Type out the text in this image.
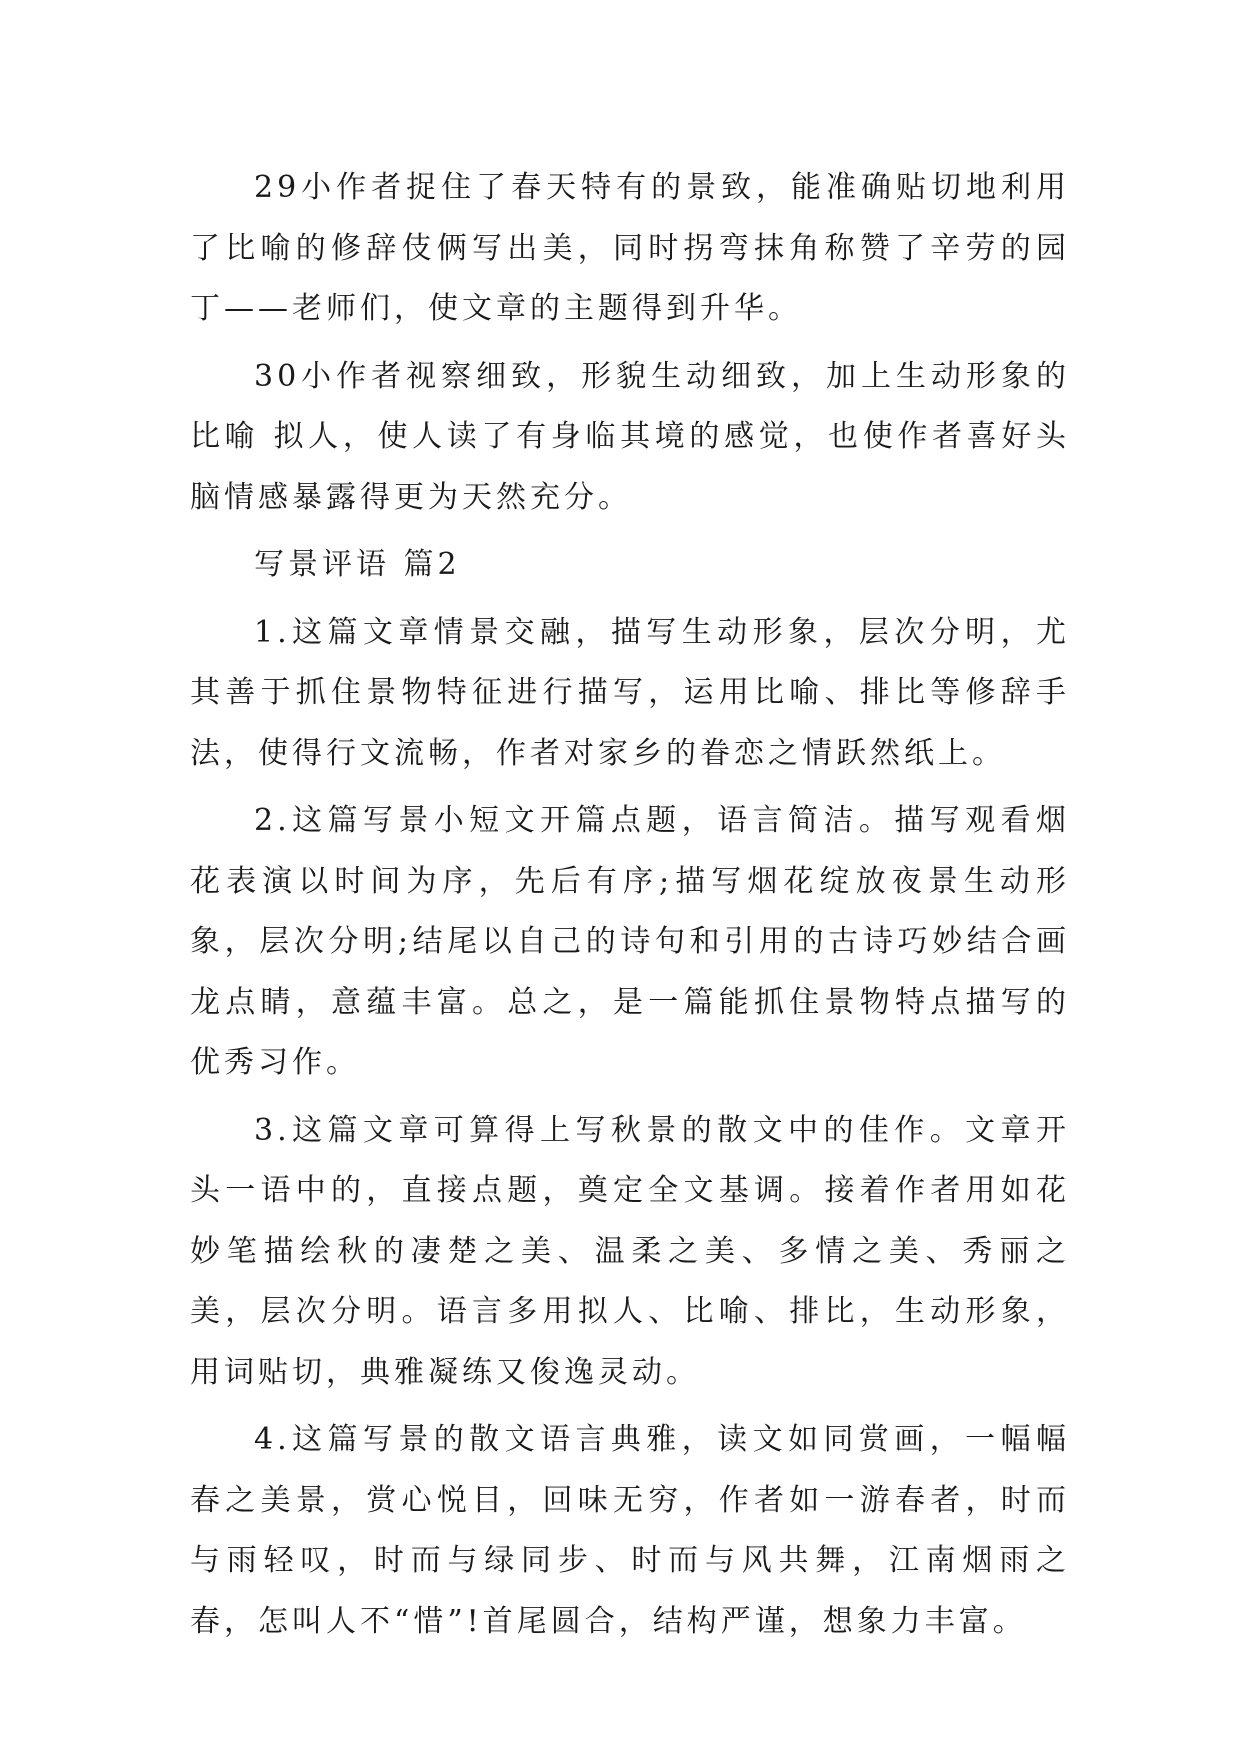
29小作者捉住了春天特有的景致，能准确贴切地利用了比喻的修辞伎俩写出美，同时拐弯抹角称赞了辛劳的园丁——老师们，使文章的主题得到升华。

30小作者视察细致，形貌生动细致，加上生动形象的比喻 拟人，使人读了有身临其境的感觉，也使作者喜好头脑情感暴露得更为天然充分。

写景评语 篇2

1.这篇文章情景交融，描写生动形象，层次分明，尤其善于抓住景物特征进行描写，运用比喻、排比等修辞手法，使得行文流畅，作者对家乡的眷恋之情跃然纸上。

2.这篇写景小短文开篇点题，语言简洁。描写观看烟花表演以时间为序，先后有序;描写烟花绽放夜景生动形象，层次分明;结尾以自己的诗句和引用的古诗巧妙结合画龙点睛，意蕴丰富。总之，是一篇能抓住景物特点描写的优秀习作。

3.这篇文章可算得上写秋景的散文中的佳作。文章开头一语中的，直接点题，奠定全文基调。接着作者用如花妙笔描绘秋的凄楚之美、温柔之美、多情之美、秀丽之美，层次分明。语言多用拟人、比喻、排比，生动形象，用词贴切，典雅凝练又俊逸灵动。

4.这篇写景的散文语言典雅，读文如同赏画，一幅幅春之美景，赏心悦目，回味无穷，作者如一游春者，时而与雨轻叹，时而与绿同步、时而与风共舞，江南烟雨之春，怎叫人不“惜”!首尾圆合，结构严谨，想象力丰富。
